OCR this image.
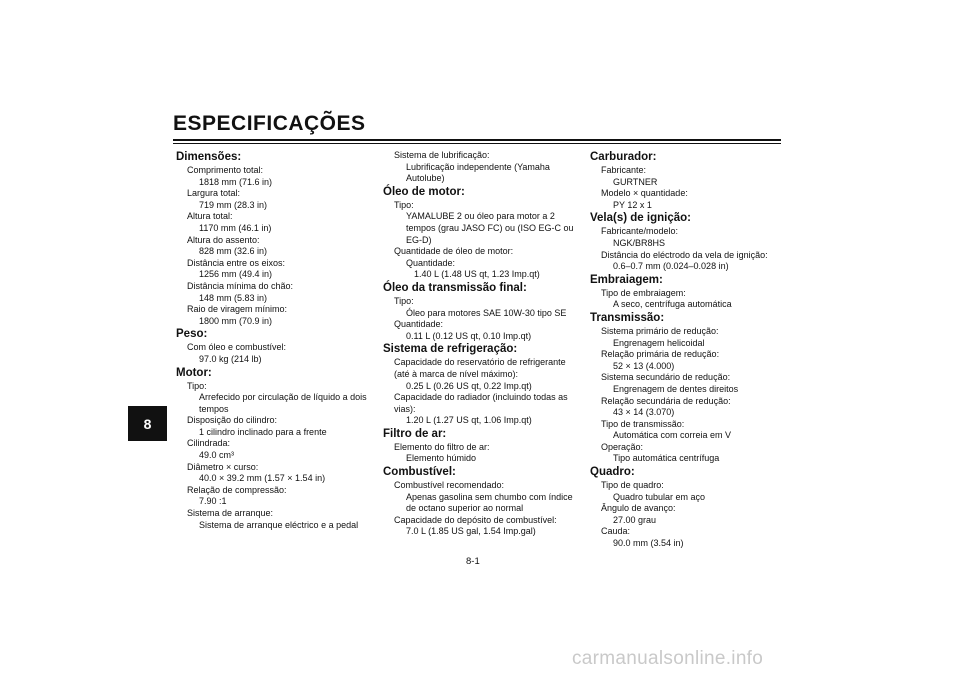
ESPECIFICAÇÕES
8
Dimensões:
Comprimento total:
1818 mm (71.6 in)
Largura total:
719 mm (28.3 in)
Altura total:
1170 mm (46.1 in)
Altura do assento:
828 mm (32.6 in)
Distância entre os eixos:
1256 mm (49.4 in)
Distância mínima do chão:
148 mm (5.83 in)
Raio de viragem mínimo:
1800 mm (70.9 in)
Peso:
Com óleo e combustível:
97.0 kg (214 lb)
Motor:
Tipo:
Arrefecido por circulação de líquido a dois
tempos
Disposição do cilindro:
1 cilindro inclinado para a frente
Cilindrada:
49.0 cm³
Diâmetro × curso:
40.0 × 39.2 mm (1.57 × 1.54 in)
Relação de compressão:
7.90 :1
Sistema de arranque:
Sistema de arranque eléctrico e a pedal
Sistema de lubrificação:
Lubrificação independente (Yamaha
Autolube)
Óleo de motor:
Tipo:
YAMALUBE 2 ou óleo para motor a 2
tempos (grau JASO FC) ou (ISO EG-C ou
EG-D)
Quantidade de óleo de motor:
Quantidade:
1.40 L (1.48 US qt, 1.23 Imp.qt)
Óleo da transmissão final:
Tipo:
Óleo para motores SAE 10W-30 tipo SE
Quantidade:
0.11 L (0.12 US qt, 0.10 Imp.qt)
Sistema de refrigeração:
Capacidade do reservatório de refrigerante
(até à marca de nível máximo):
0.25 L (0.26 US qt, 0.22 Imp.qt)
Capacidade do radiador (incluindo todas as
vias):
1.20 L (1.27 US qt, 1.06 Imp.qt)
Filtro de ar:
Elemento do filtro de ar:
Elemento húmido
Combustível:
Combustível recomendado:
Apenas gasolina sem chumbo com índice
de octano superior ao normal
Capacidade do depósito de combustível:
7.0 L (1.85 US gal, 1.54 Imp.gal)
Carburador:
Fabricante:
GURTNER
Modelo × quantidade:
PY 12 x 1
Vela(s) de ignição:
Fabricante/modelo:
NGK/BR8HS
Distância do eléctrodo da vela de ignição:
0.6–0.7 mm (0.024–0.028 in)
Embraiagem:
Tipo de embraiagem:
A seco, centrífuga automática
Transmissão:
Sistema primário de redução:
Engrenagem helicoidal
Relação primária de redução:
52 × 13 (4.000)
Sistema secundário de redução:
Engrenagem de dentes direitos
Relação secundária de redução:
43 × 14 (3.070)
Tipo de transmissão:
Automática com correia em V
Operação:
Tipo automática centrífuga
Quadro:
Tipo de quadro:
Quadro tubular em aço
Ângulo de avanço:
27.00 grau
Cauda:
90.0 mm (3.54 in)
8-1
carmanualsonline.info
